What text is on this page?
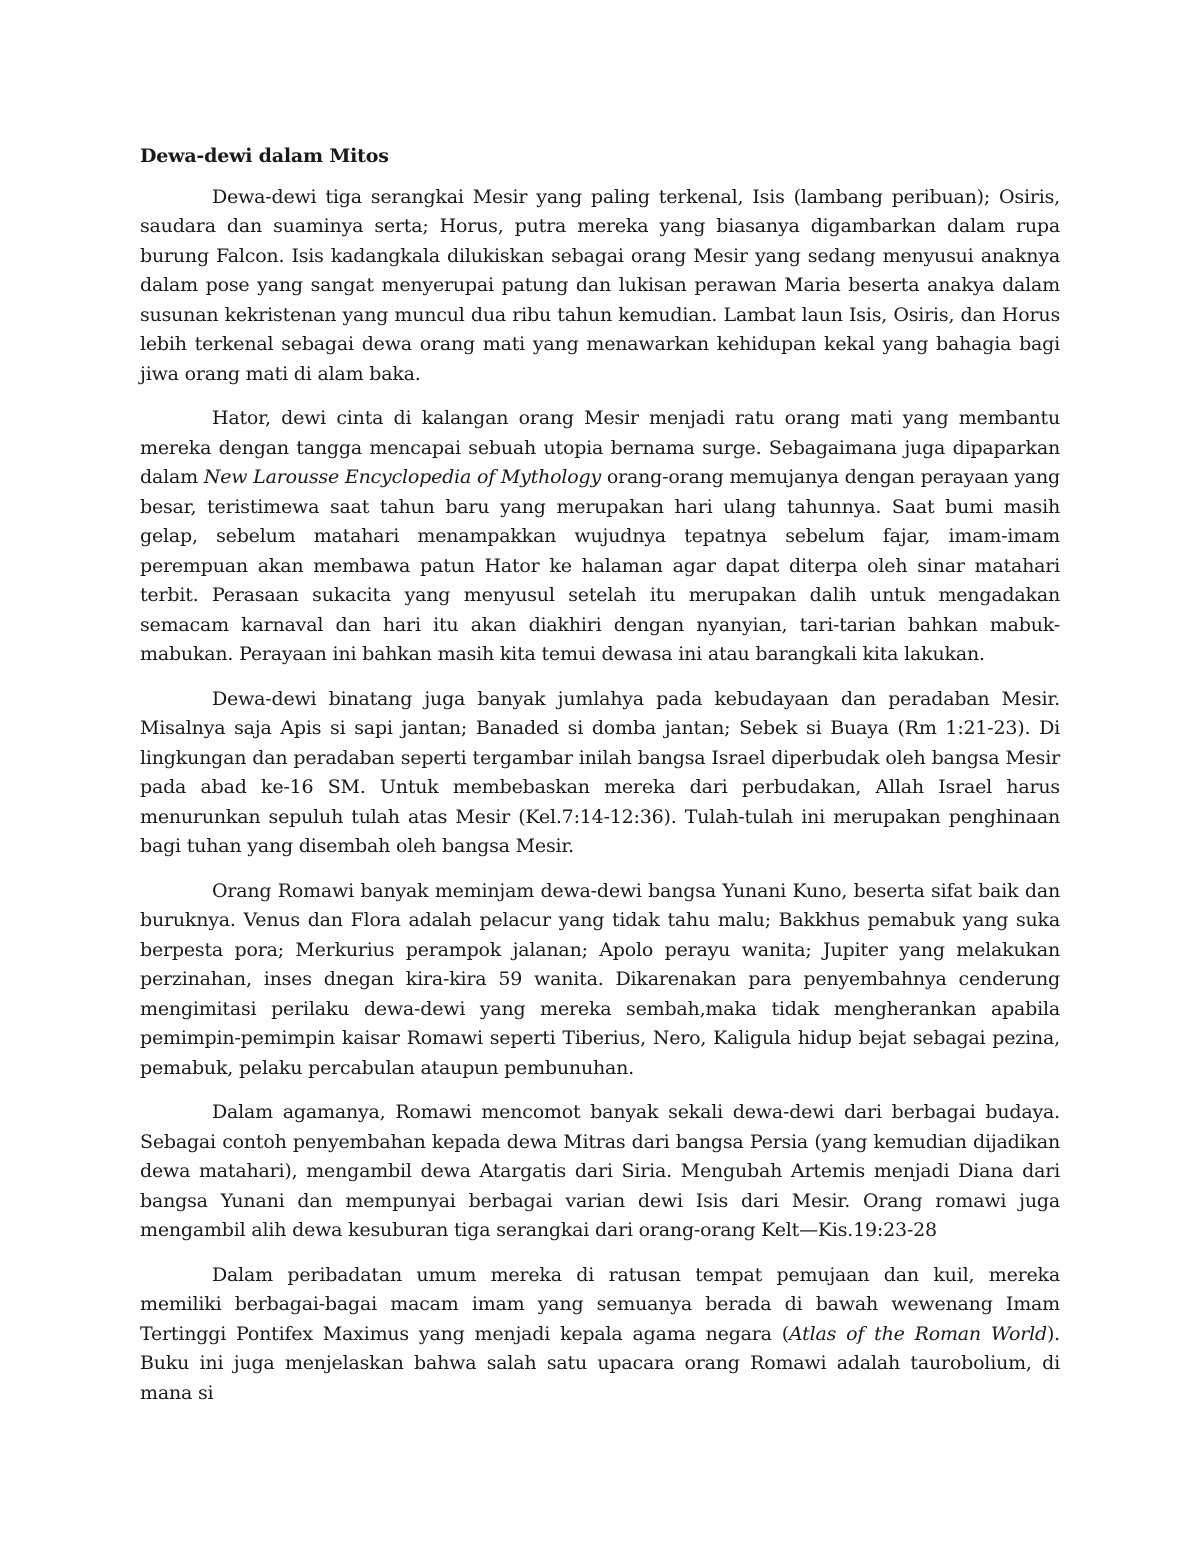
Dewa-dewi dalam Mitos

Dewa-dewi tiga serangkai Mesir yang paling terkenal, Isis (lambang peribuan); Osiris, saudara dan suaminya serta; Horus, putra mereka yang biasanya digambarkan dalam rupa burung Falcon. Isis kadangkala dilukiskan sebagai orang Mesir yang sedang menyusui anaknya dalam pose yang sangat menyerupai patung dan lukisan perawan Maria beserta anakya dalam susunan kekristenan yang muncul dua ribu tahun kemudian. Lambat laun Isis, Osiris, dan Horus lebih terkenal sebagai dewa orang mati yang menawarkan kehidupan kekal yang bahagia bagi jiwa orang mati di alam baka.

Hator, dewi cinta di kalangan orang Mesir menjadi ratu orang mati yang membantu mereka dengan tangga mencapai sebuah utopia bernama surge. Sebagaimana juga dipaparkan dalam New Larousse Encyclopedia of Mythology orang-orang memujanya dengan perayaan yang besar, teristimewa saat tahun baru yang merupakan hari ulang tahunnya. Saat bumi masih gelap, sebelum matahari menampakkan wujudnya tepatnya sebelum fajar, imam-imam perempuan akan membawa patun Hator ke halaman agar dapat diterpa oleh sinar matahari terbit. Perasaan sukacita yang menyusul setelah itu merupakan dalih untuk mengadakan semacam karnaval dan hari itu akan diakhiri dengan nyanyian, tari-tarian bahkan mabuk-mabukan. Perayaan ini bahkan masih kita temui dewasa ini atau barangkali kita lakukan.

Dewa-dewi binatang juga banyak jumlahya pada kebudayaan dan peradaban Mesir. Misalnya saja Apis si sapi jantan; Banaded si domba jantan; Sebek si Buaya (Rm 1:21-23). Di lingkungan dan peradaban seperti tergambar inilah bangsa Israel diperbudak oleh bangsa Mesir pada abad ke-16 SM. Untuk membebaskan mereka dari perbudakan, Allah Israel harus menurunkan sepuluh tulah atas Mesir (Kel.7:14-12:36). Tulah-tulah ini merupakan penghinaan bagi tuhan yang disembah oleh bangsa Mesir.

Orang Romawi banyak meminjam dewa-dewi bangsa Yunani Kuno, beserta sifat baik dan buruknya. Venus dan Flora adalah pelacur yang tidak tahu malu; Bakkhus pemabuk yang suka berpesta pora; Merkurius perampok jalanan; Apolo perayu wanita; Jupiter yang melakukan perzinahan, inses dnegan kira-kira 59 wanita. Dikarenakan para penyembahnya cenderung mengimitasi perilaku dewa-dewi yang mereka sembah,maka tidak mengherankan apabila pemimpin-pemimpin kaisar Romawi seperti Tiberius, Nero, Kaligula hidup bejat sebagai pezina, pemabuk, pelaku percabulan ataupun pembunuhan.

Dalam agamanya, Romawi mencomot banyak sekali dewa-dewi dari berbagai budaya. Sebagai contoh penyembahan kepada dewa Mitras dari bangsa Persia (yang kemudian dijadikan dewa matahari), mengambil dewa Atargatis dari Siria. Mengubah Artemis menjadi Diana dari bangsa Yunani dan mempunyai berbagai varian dewi Isis dari Mesir. Orang romawi juga mengambil alih dewa kesuburan tiga serangkai dari orang-orang Kelt—Kis.19:23-28

Dalam peribadatan umum mereka di ratusan tempat pemujaan dan kuil, mereka memiliki berbagai-bagai macam imam yang semuanya berada di bawah wewenang Imam Tertinggi Pontifex Maximus yang menjadi kepala agama negara (Atlas of the Roman World). Buku ini juga menjelaskan bahwa salah satu upacara orang Romawi adalah taurobolium, di mana si
